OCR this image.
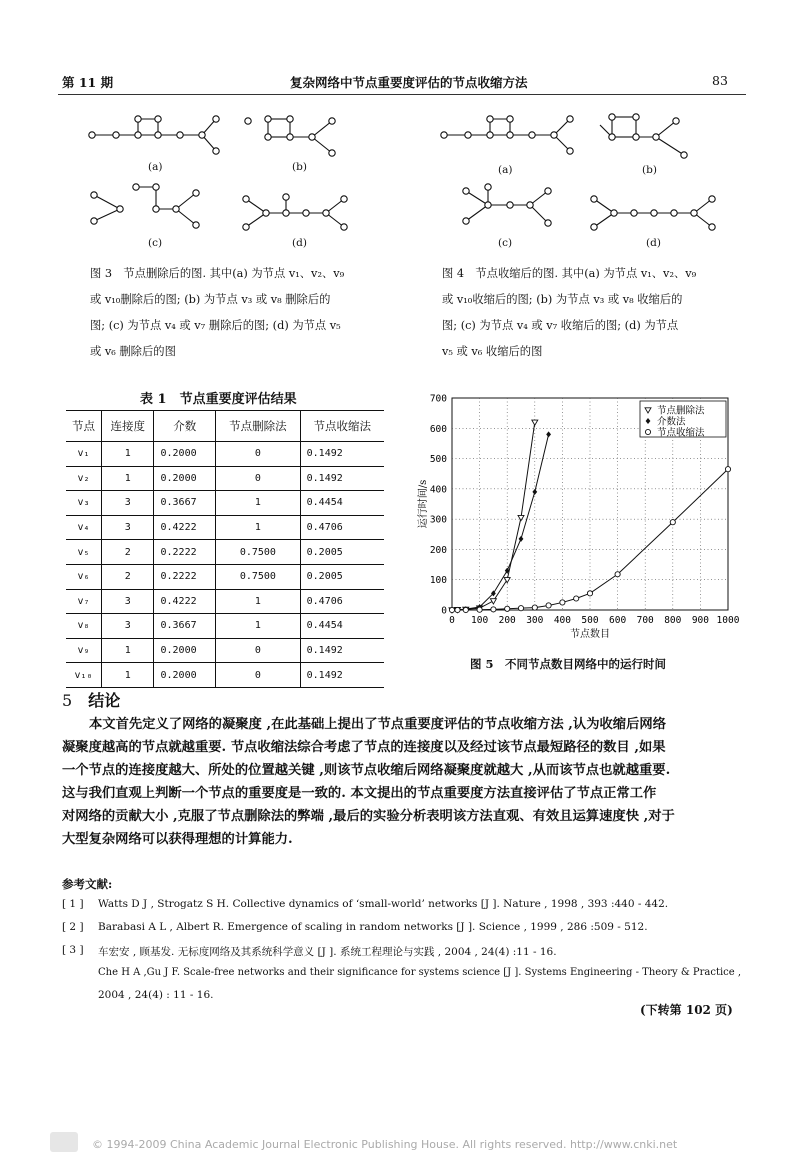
第 11 期	复杂网络中节点重要度评估的节点收缩方法	83
(a)	(b)
(c)	(d)
(a)	(b)
(c)	(d)
图 3　节点删除后的图. 其中(a) 为节点 v₁、v₂、v₉
或 v₁₀删除后的图; (b) 为节点 v₃ 或 v₈ 删除后的
图; (c) 为节点 v₄ 或 v₇ 删除后的图; (d) 为节点 v₅
或 v₆ 删除后的图
图 4　节点收缩后的图. 其中(a) 为节点 v₁、v₂、v₉
或 v₁₀收缩后的图; (b) 为节点 v₃ 或 v₈ 收缩后的
图; (c) 为节点 v₄ 或 v₇ 收缩后的图; (d) 为节点
v₅ 或 v₆ 收缩后的图
表 1　节点重要度评估结果
节点	连接度	介数	节点删除法	节点收缩法
v₁	1	0.2000	0	0.1492
v₂	1	0.2000	0	0.1492
v₃	3	0.3667	1	0.4454
v₄	3	0.4222	1	0.4706
v₅	2	0.2222	0.7500	0.2005
v₆	2	0.2222	0.7500	0.2005
v₇	3	0.4222	1	0.4706
v₈	3	0.3667	1	0.4454
v₉	1	0.2000	0	0.1492
v₁₀	1	0.2000	0	0.1492
0 100 200 300 400 500 600 700 800 900 1000
0
100
200
300
400
500
600
700
节点数目
运行时间/s
节点删除法
介数法
节点收缩法
图 5　不同节点数目网络中的运行时间
5 结论

本文首先定义了网络的凝聚度 ,在此基础上提出了节点重要度评估的节点收缩方法 ,认为收缩后网络

凝聚度越高的节点就越重要. 节点收缩法综合考虑了节点的连接度以及经过该节点最短路径的数目 ,如果

一个节点的连接度越大、所处的位置越关键 ,则该节点收缩后网络凝聚度就越大 ,从而该节点也就越重要.

这与我们直观上判断一个节点的重要度是一致的. 本文提出的节点重要度方法直接评估了节点正常工作

对网络的贡献大小 ,克服了节点删除法的弊端 ,最后的实验分析表明该方法直观、有效且运算速度快 ,对于

大型复杂网络可以获得理想的计算能力.

参考文献:
[ 1 ]	Watts D J , Strogatz S H. Collective dynamics of ‘small-world’ networks [J ]. Nature , 1998 , 393 :440 - 442.
[ 2 ]	Barabasi A L , Albert R. Emergence of scaling in random networks [J ]. Science , 1999 , 286 :509 - 512.
[ 3 ]	车宏安 , 顾基发. 无标度网络及其系统科学意义 [J ]. 系统工程理论与实践 , 2004 , 24(4) :11 - 16.
Che H A ,Gu J F. Scale-free networks and their significance for systems science [J ]. Systems Engineering - Theory & Practice ,
2004 , 24(4) : 11 - 16.
(下转第 102 页)
© 1994-2009 China Academic Journal Electronic Publishing House. All rights reserved. http://www.cnki.net
